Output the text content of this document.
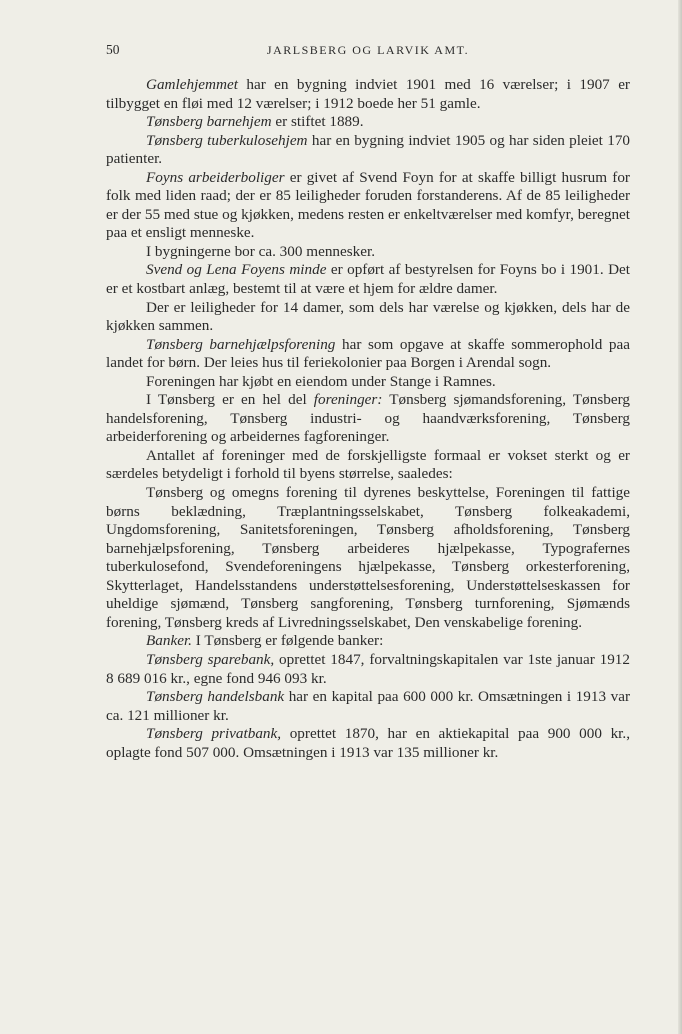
50	JARLSBERG OG LARVIK AMT.

Gamlehjemmet har en bygning indviet 1901 med 16 værelser; i 1907 er tilbygget en fløi med 12 værelser; i 1912 boede her 51 gamle.

Tønsberg barnehjem er stiftet 1889.

Tønsberg tuberkulosehjem har en bygning indviet 1905 og har siden pleiet 170 patienter.

Foyns arbeiderboliger er givet af Svend Foyn for at skaffe billigt husrum for folk med liden raad; der er 85 leiligheder foruden forstanderens. Af de 85 leiligheder er der 55 med stue og kjøkken, medens resten er enkeltværelser med komfyr, beregnet paa et ensligt menneske.

I bygningerne bor ca. 300 mennesker.

Svend og Lena Foyens minde er opført af bestyrelsen for Foyns bo i 1901. Det er et kostbart anlæg, bestemt til at være et hjem for ældre damer.

Der er leiligheder for 14 damer, som dels har værelse og kjøkken, dels har de kjøkken sammen.

Tønsberg barnehjælpsforening har som opgave at skaffe sommerophold paa landet for børn. Der leies hus til feriekolonier paa Borgen i Arendal sogn.

Foreningen har kjøbt en eiendom under Stange i Ramnes.

I Tønsberg er en hel del foreninger: Tønsberg sjømandsforening, Tønsberg handelsforening, Tønsberg industri- og haandværksforening, Tønsberg arbeiderforening og arbeidernes fagforeninger.

Antallet af foreninger med de forskjelligste formaal er vokset sterkt og er særdeles betydeligt i forhold til byens størrelse, saaledes:

Tønsberg og omegns forening til dyrenes beskyttelse, Foreningen til fattige børns beklædning, Træplantningsselskabet, Tønsberg folkeakademi, Ungdomsforening, Sanitetsforeningen, Tønsberg afholdsforening, Tønsberg barnehjælpsforening, Tønsberg arbeideres hjælpekasse, Typografernes tuberkulosefond, Svendeforeningens hjælpekasse, Tønsberg orkesterforening, Skytterlaget, Handelsstandens understøttelsesforening, Understøttelseskassen for uheldige sjømænd, Tønsberg sangforening, Tønsberg turnforening, Sjømænds forening, Tønsberg kreds af Livredningsselskabet, Den venskabelige forening.

Banker. I Tønsberg er følgende banker:

Tønsberg sparebank, oprettet 1847, forvaltningskapitalen var 1ste januar 1912 8 689 016 kr., egne fond 946 093 kr.

Tønsberg handelsbank har en kapital paa 600 000 kr. Omsætningen i 1913 var ca. 121 millioner kr.

Tønsberg privatbank, oprettet 1870, har en aktiekapital paa 900 000 kr., oplagte fond 507 000. Omsætningen i 1913 var 135 millioner kr.
